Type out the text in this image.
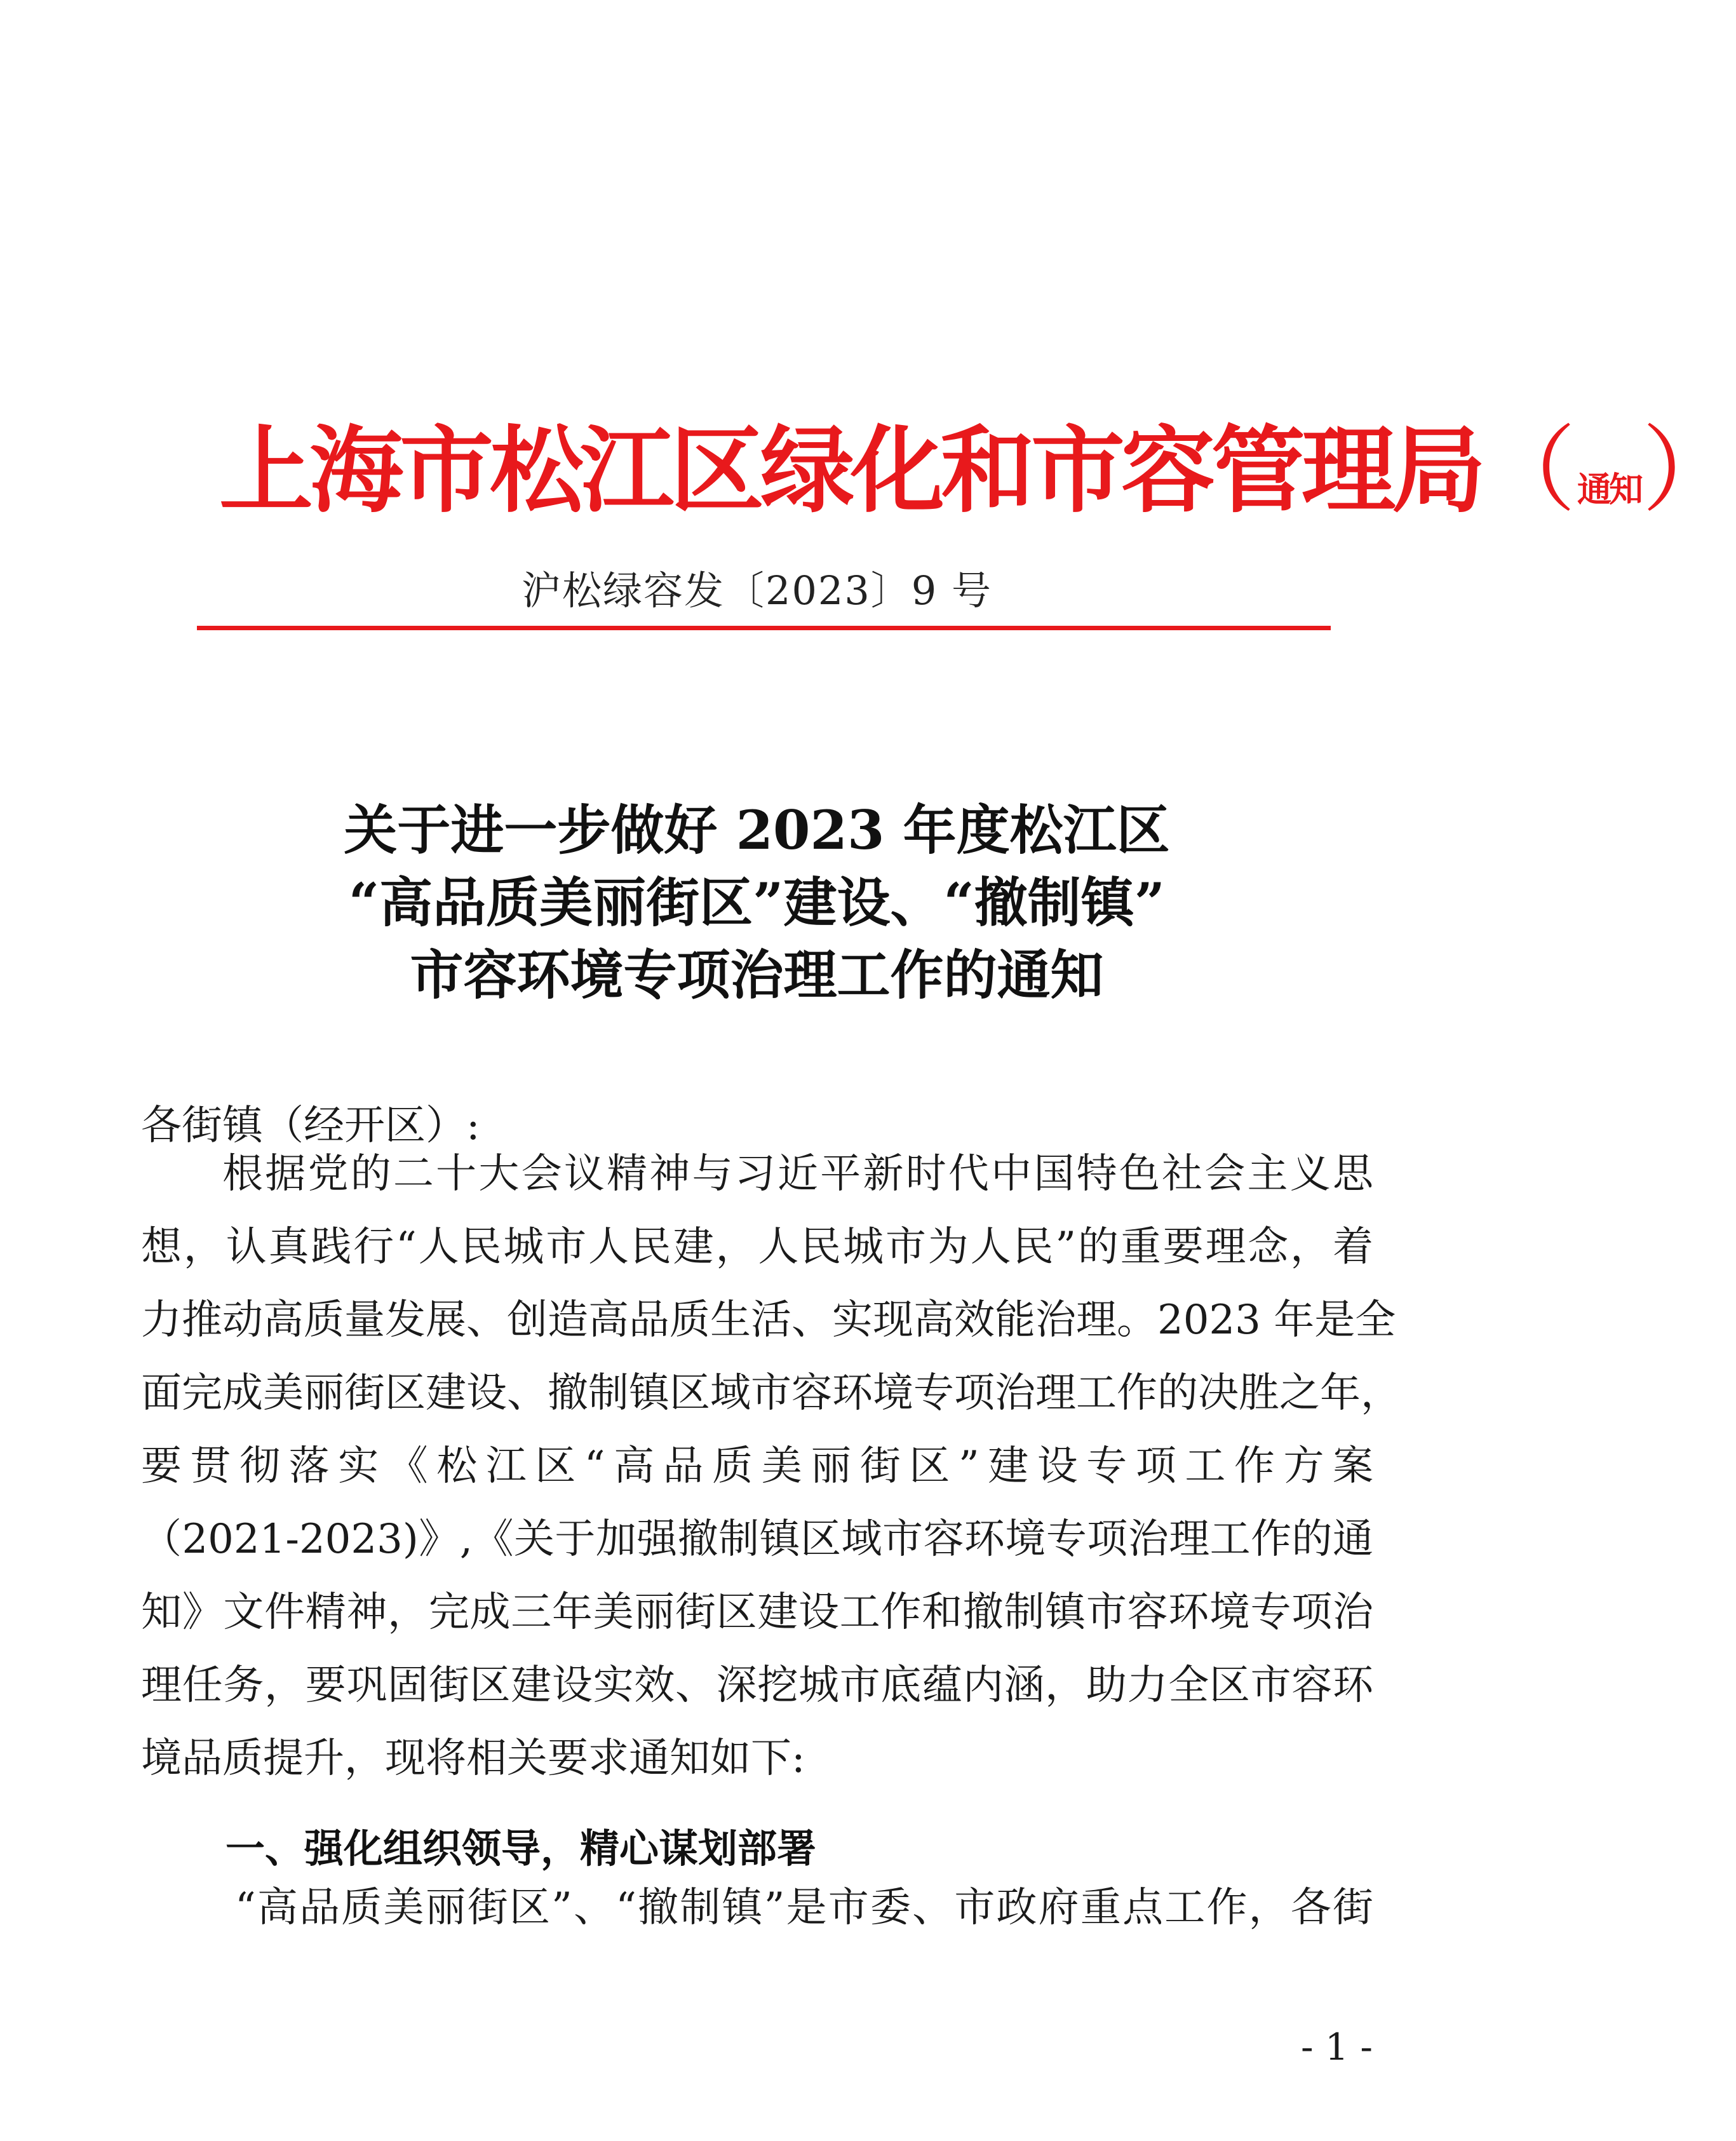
上海市松江区绿化和市容管理局 （ 通知 ）
沪松绿容发〔2023〕9 号
关于进一步做好 2023 年度松江区
“高品质美丽街区”建设、“撤制镇”
市容环境专项治理工作的通知
各街镇（经开区）:
根据党的二十大会议精神与习近平新时代中国特色社会主义思
想，认真践行“人民城市人民建，人民城市为人民”的重要理念，着
力推动高质量发展、创造高品质生活、实现高效能治理。2023 年是全
面完成美丽街区建设、撤制镇区域市容环境专项治理工作的决胜之年，
要贯彻落实《松江区“高品质美丽街区”建设专项工作方案
（2021-2023)》,《关于加强撤制镇区域市容环境专项治理工作的通
知》文件精神，完成三年美丽街区建设工作和撤制镇市容环境专项治
理任务，要巩固街区建设实效、深挖城市底蕴内涵，助力全区市容环
境品质提升，现将相关要求通知如下:
一、强化组织领导，精心谋划部署
“高品质美丽街区”、“撤制镇”是市委、市政府重点工作，各街
- 1 -
